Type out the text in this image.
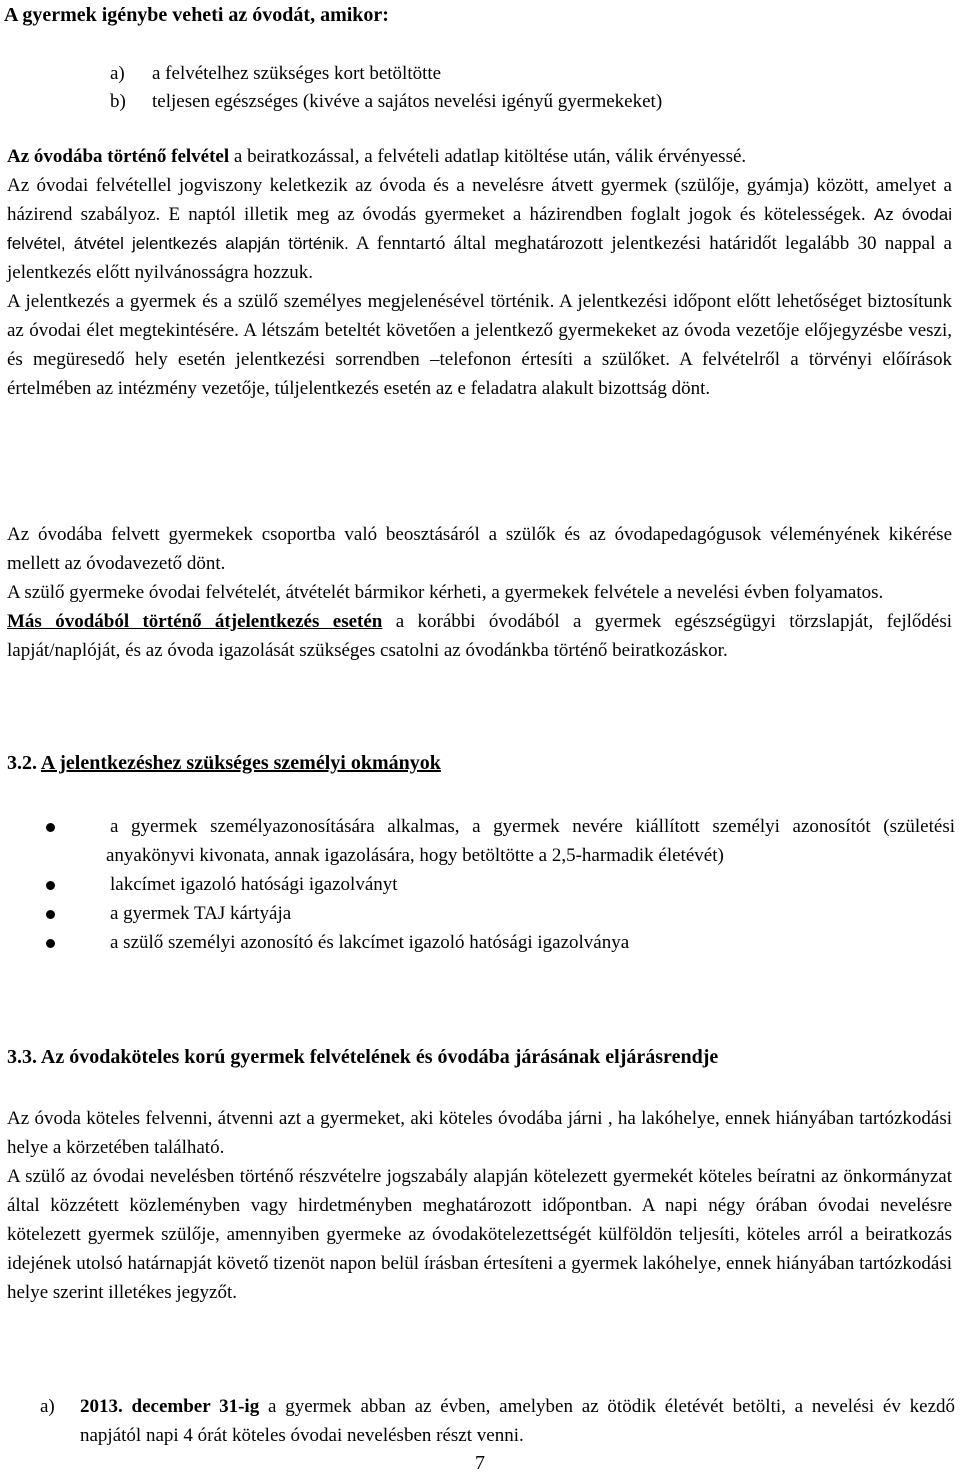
A gyermek igénybe veheti az óvodát, amikor:
a)	a felvételhez szükséges kort betöltötte
b)	teljesen egészséges (kivéve a sajátos nevelési igényű gyermekeket)

Az óvodába történő felvétel a beiratkozással, a felvételi adatlap kitöltése után, válik érvényessé.

Az óvodai felvétellel jogviszony keletkezik az óvoda és a nevelésre átvett gyermek (szülője, gyámja) között, amelyet a házirend szabályoz. E naptól illetik meg az óvodás gyermeket a házirendben foglalt jogok és kötelességek. Az óvodai felvétel, átvétel jelentkezés alapján történik. A fenntartó által meghatározott jelentkezési határidőt legalább 30 nappal a jelentkezés előtt nyilvánosságra hozzuk.

A jelentkezés a gyermek és a szülő személyes megjelenésével történik. A jelentkezési időpont előtt lehetőséget biztosítunk az óvodai élet megtekintésére. A létszám beteltét követően a jelentkező gyermekeket az óvoda vezetője előjegyzésbe veszi, és megüresedő hely esetén jelentkezési sorrendben –telefonon értesíti a szülőket. A felvételről a törvényi előírások értelmében az intézmény vezetője, túljelentkezés esetén az e feladatra alakult bizottság dönt.

Az óvodába felvett gyermekek csoportba való beosztásáról a szülők és az óvodapedagógusok véleményének kikérése mellett az óvodavezető dönt.

A szülő gyermeke óvodai felvételét, átvételét bármikor kérheti, a gyermekek felvétele a nevelési évben folyamatos.

Más óvodából történő átjelentkezés esetén a korábbi óvodából a gyermek egészségügyi törzslapját, fejlődési lapját/naplóját, és az óvoda igazolását szükséges csatolni az óvodánkba történő beiratkozáskor.

3.2. A jelentkezéshez szükséges személyi okmányok
a gyermek személyazonosítására alkalmas, a gyermek nevére kiállított személyi azonosítót (születési anyakönyvi kivonata, annak igazolására, hogy betöltötte a 2,5-harmadik életévét)
lakcímet igazoló hatósági igazolványt
a gyermek TAJ kártyája
a szülő személyi azonosító és lakcímet igazoló hatósági igazolványa
3.3. Az óvodaköteles korú gyermek felvételének és óvodába járásának eljárásrendje

Az óvoda köteles felvenni, átvenni azt a gyermeket, aki köteles óvodába járni , ha lakóhelye, ennek hiányában tartózkodási helye a körzetében található.

A szülő az óvodai nevelésben történő részvételre jogszabály alapján kötelezett gyermekét köteles beíratni az önkormányzat által közzétett közleményben vagy hirdetményben meghatározott időpontban. A napi négy órában óvodai nevelésre kötelezett gyermek szülője, amennyiben gyermeke az óvodakötelezettségét külföldön teljesíti, köteles arról a beiratkozás idejének utolsó határnapját követő tizenöt napon belül írásban értesíteni a gyermek lakóhelye, ennek hiányában tartózkodási helye szerint illetékes jegyzőt.

a)	2013. december 31-ig a gyermek abban az évben, amelyben az ötödik életévét betölti, a nevelési év kezdő napjától napi 4 órát köteles óvodai nevelésben részt venni.

7
